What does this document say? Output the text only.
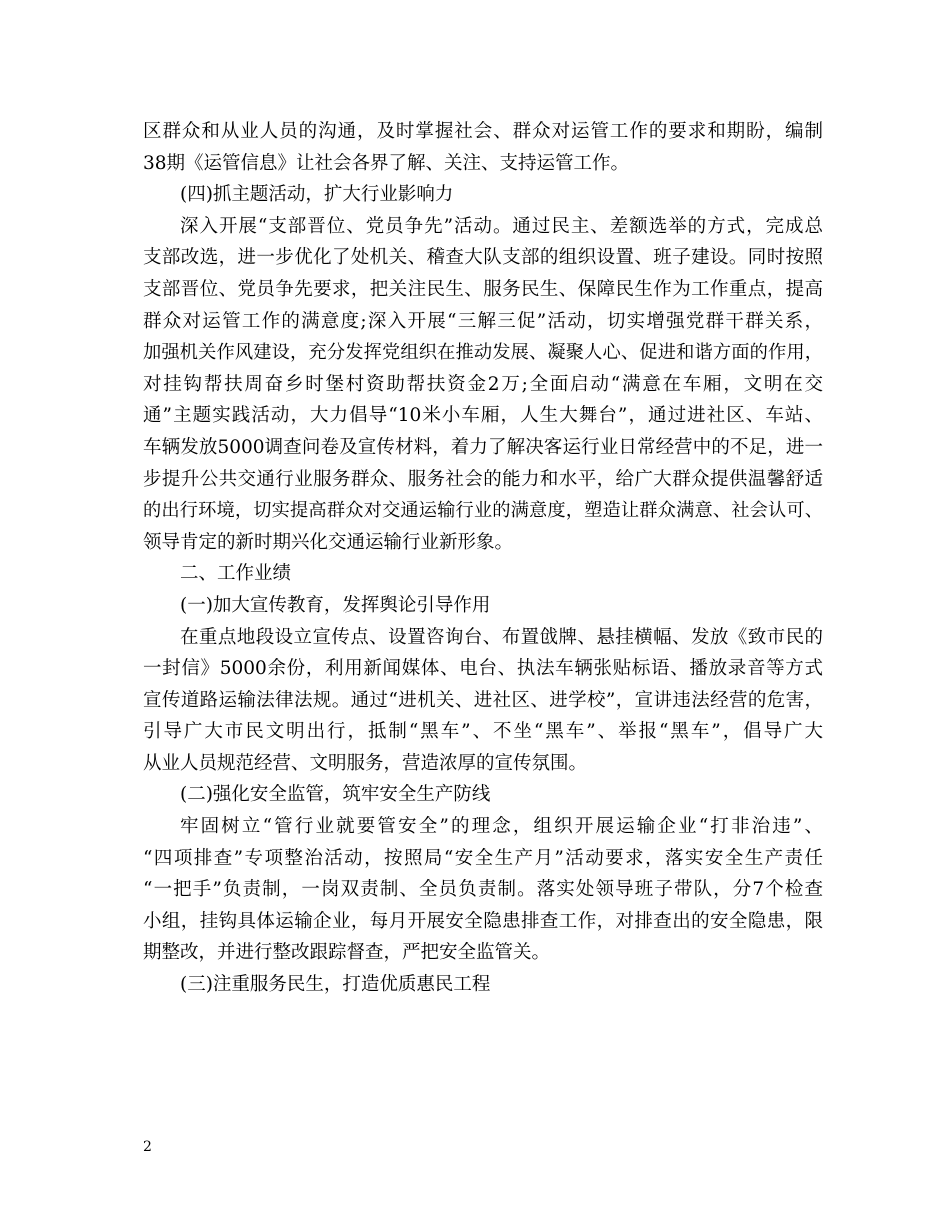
区群众和从业人员的沟通，及时掌握社会、群众对运管工作的要求和期盼，编制
38期《运管信息》让社会各界了解、关注、支持运管工作。
(四)抓主题活动，扩大行业影响力
深入开展“支部晋位、党员争先”活动。通过民主、差额选举的方式，完成总
支部改选，进一步优化了处机关、稽查大队支部的组织设置、班子建设。同时按照
支部晋位、党员争先要求，把关注民生、服务民生、保障民生作为工作重点，提高
群众对运管工作的满意度;深入开展“三解三促”活动，切实增强党群干群关系，
加强机关作风建设，充分发挥党组织在推动发展、凝聚人心、促进和谐方面的作用，
对挂钩帮扶周奋乡时堡村资助帮扶资金2万;全面启动“满意在车厢，文明在交
通”主题实践活动，大力倡导“10米小车厢，人生大舞台”，通过进社区、车站、
车辆发放5000调查问卷及宣传材料，着力了解决客运行业日常经营中的不足，进一
步提升公共交通行业服务群众、服务社会的能力和水平，给广大群众提供温馨舒适
的出行环境，切实提高群众对交通运输行业的满意度，塑造让群众满意、社会认可、
领导肯定的新时期兴化交通运输行业新形象。
二、工作业绩
(一)加大宣传教育，发挥舆论引导作用
在重点地段设立宣传点、设置咨询台、布置戗牌、悬挂横幅、发放《致市民的
一封信》5000余份，利用新闻媒体、电台、执法车辆张贴标语、播放录音等方式
宣传道路运输法律法规。通过“进机关、进社区、进学校”，宣讲违法经营的危害，
引导广大市民文明出行，抵制“黑车”、不坐“黑车”、举报“黑车”，倡导广大
从业人员规范经营、文明服务，营造浓厚的宣传氛围。
(二)强化安全监管，筑牢安全生产防线
牢固树立“管行业就要管安全”的理念，组织开展运输企业“打非治违”、
“四项排查”专项整治活动，按照局“安全生产月”活动要求，落实安全生产责任
“一把手”负责制，一岗双责制、全员负责制。落实处领导班子带队，分7个检查
小组，挂钩具体运输企业，每月开展安全隐患排查工作，对排查出的安全隐患，限
期整改，并进行整改跟踪督查，严把安全监管关。
(三)注重服务民生，打造优质惠民工程
2
